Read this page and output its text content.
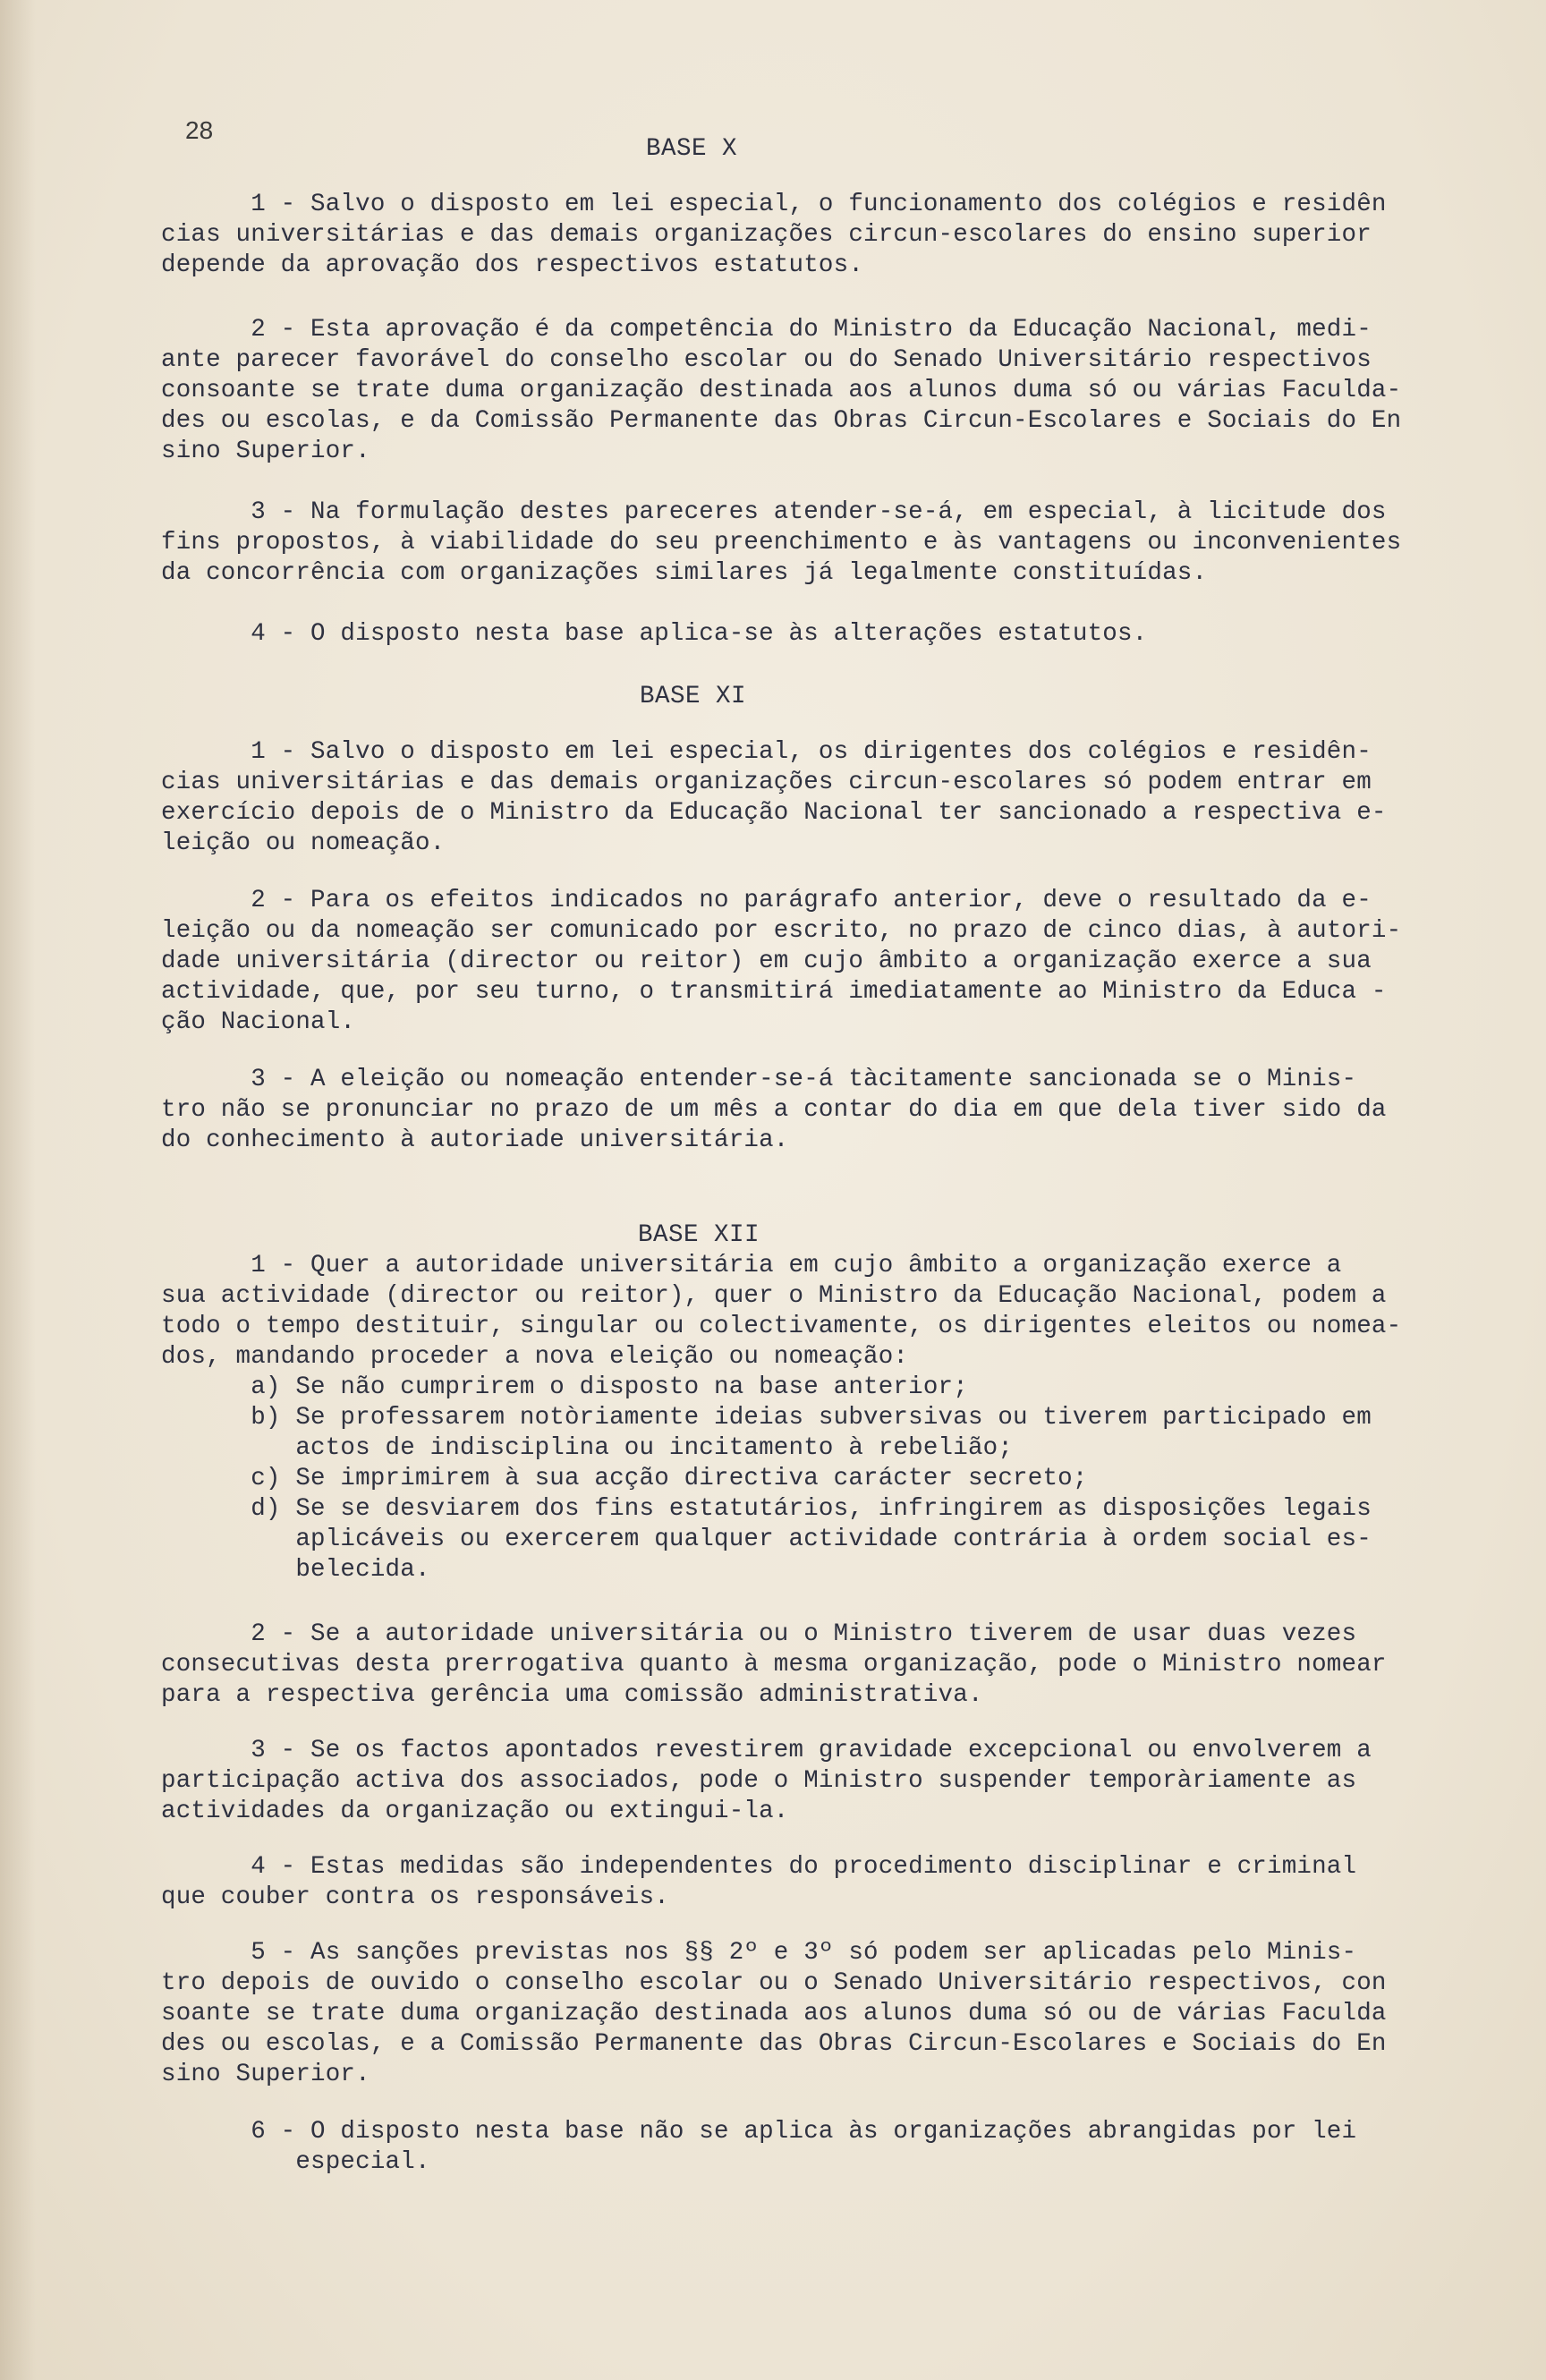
28

BASE X

1 - Salvo o disposto em lei especial, o funcionamento dos colégios e residên
cias universitárias e das demais organizações circun-escolares do ensino superior
depende da aprovação dos respectivos estatutos.

2 - Esta aprovação é da competência do Ministro da Educação Nacional, medi-
ante parecer favorável do conselho escolar ou do Senado Universitário respectivos
consoante se trate duma organização destinada aos alunos duma só ou várias Faculda-
des ou escolas, e da Comissão Permanente das Obras Circun-Escolares e Sociais do En
sino Superior.

3 - Na formulação destes pareceres atender-se-á, em especial, à licitude dos
fins propostos, à viabilidade do seu preenchimento e às vantagens ou inconvenientes
da concorrência com organizações similares já legalmente constituídas.

4 - O disposto nesta base aplica-se às alterações estatutos.

BASE XI

1 - Salvo o disposto em lei especial, os dirigentes dos colégios e residên-
cias universitárias e das demais organizações circun-escolares só podem entrar em
exercício depois de o Ministro da Educação Nacional ter sancionado a respectiva e-
leição ou nomeação.

2 - Para os efeitos indicados no parágrafo anterior, deve o resultado da e-
leição ou da nomeação ser comunicado por escrito, no prazo de cinco dias, à autori-
dade universitária (director ou reitor) em cujo âmbito a organização exerce a sua
actividade, que, por seu turno, o transmitirá imediatamente ao Ministro da Educa -
ção Nacional.

3 - A eleição ou nomeação entender-se-á tàcitamente sancionada se o Minis-
tro não se pronunciar no prazo de um mês a contar do dia em que dela tiver sido da
do conhecimento à autoriade universitária.

BASE XII

1 - Quer a autoridade universitária em cujo âmbito a organização exerce a
sua actividade (director ou reitor), quer o Ministro da Educação Nacional, podem a
todo o tempo destituir, singular ou colectivamente, os dirigentes eleitos ou nomea-
dos, mandando proceder a nova eleição ou nomeação:
a) Se não cumprirem o disposto na base anterior;
b) Se professarem notòriamente ideias subversivas ou tiverem participado em
actos de indisciplina ou incitamento à rebelião;
c) Se imprimirem à sua acção directiva carácter secreto;
d) Se se desviarem dos fins estatutários, infringirem as disposições legais
aplicáveis ou exercerem qualquer actividade contrária à ordem social es-
belecida.

2 - Se a autoridade universitária ou o Ministro tiverem de usar duas vezes
consecutivas desta prerrogativa quanto à mesma organização, pode o Ministro nomear
para a respectiva gerência uma comissão administrativa.

3 - Se os factos apontados revestirem gravidade excepcional ou envolverem a
participação activa dos associados, pode o Ministro suspender temporàriamente as
actividades da organização ou extingui-la.

4 - Estas medidas são independentes do procedimento disciplinar e criminal
que couber contra os responsáveis.

5 - As sanções previstas nos §§ 2º e 3º só podem ser aplicadas pelo Minis-
tro depois de ouvido o conselho escolar ou o Senado Universitário respectivos, con
soante se trate duma organização destinada aos alunos duma só ou de várias Faculda
des ou escolas, e a Comissão Permanente das Obras Circun-Escolares e Sociais do En
sino Superior.

6 - O disposto nesta base não se aplica às organizações abrangidas por lei
especial.
